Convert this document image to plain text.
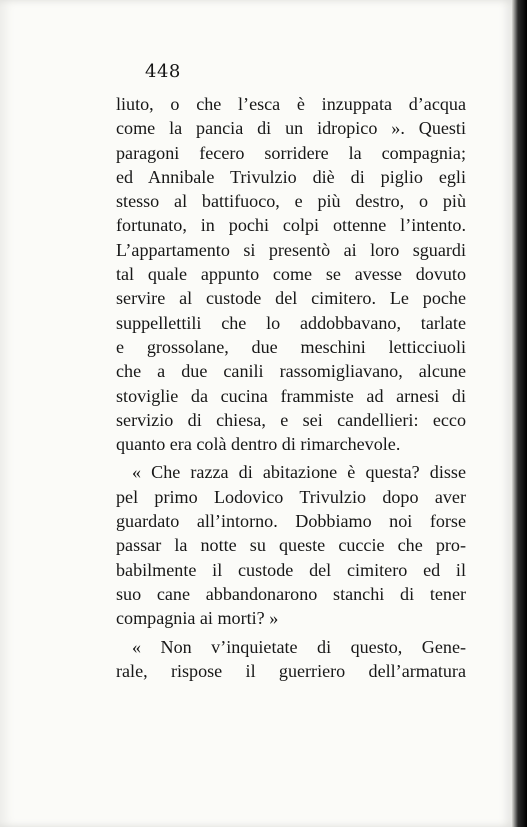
448
liuto, o che l’esca è inzuppata d’acqua
come la pancia di un idropico ». Questi
paragoni fecero sorridere la compagnia;
ed Annibale Trivulzio diè di piglio egli
stesso al battifuoco, e più destro, o più
fortunato, in pochi colpi ottenne l’intento.
L’appartamento si presentò ai loro sguardi
tal quale appunto come se avesse dovuto
servire al custode del cimitero. Le poche
suppellettili che lo addobbavano, tarlate
e grossolane, due meschini letticciuoli
che a due canili rassomigliavano, alcune
stoviglie da cucina frammiste ad arnesi di
servizio di chiesa, e sei candellieri: ecco
quanto era colà dentro di rimarchevole.
« Che razza di abitazione è questa? disse
pel primo Lodovico Trivulzio dopo aver
guardato all’intorno. Dobbiamo noi forse
passar la notte su queste cuccie che pro-
babilmente il custode del cimitero ed il
suo cane abbandonarono stanchi di tener
compagnia ai morti? »
« Non v’inquietate di questo, Gene-
rale, rispose il guerriero dell’armatura
